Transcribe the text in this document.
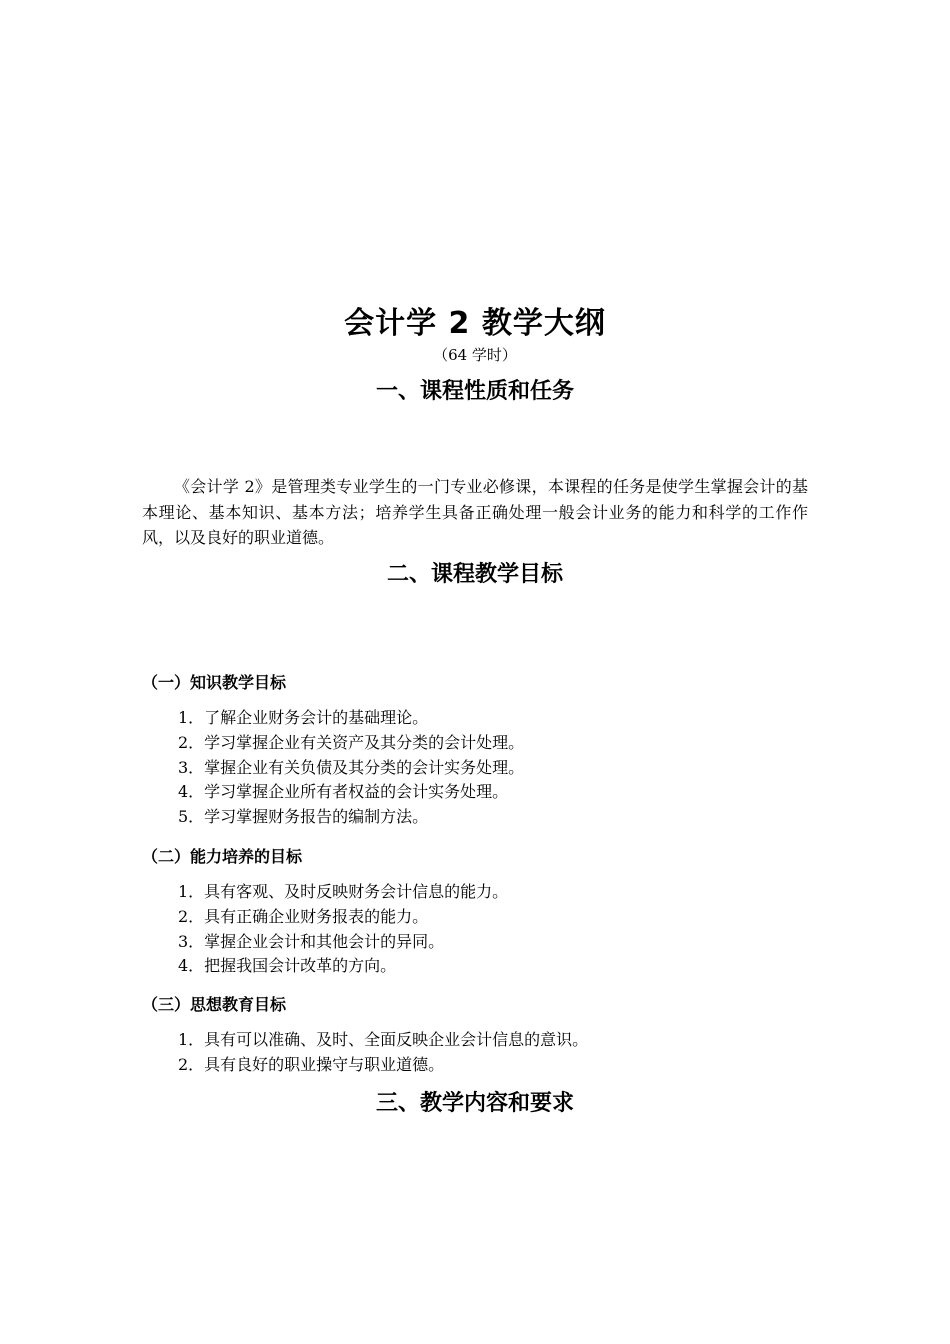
会计学 2 教学大纲
（64 学时）
一、课程性质和任务

《会计学 2》是管理类专业学生的一门专业必修课，本课程的任务是使学生掌握会计的基本理论、基本知识、基本方法；培养学生具备正确处理一般会计业务的能力和科学的工作作风，以及良好的职业道德。

二、课程教学目标
（一）知识教学目标
1．了解企业财务会计的基础理论。
2．学习掌握企业有关资产及其分类的会计处理。
3．掌握企业有关负债及其分类的会计实务处理。
4．学习掌握企业所有者权益的会计实务处理。
5．学习掌握财务报告的编制方法。
（二）能力培养的目标
1．具有客观、及时反映财务会计信息的能力。
2．具有正确企业财务报表的能力。
3．掌握企业会计和其他会计的异同。
4．把握我国会计改革的方向。
（三）思想教育目标
1．具有可以准确、及时、全面反映企业会计信息的意识。
2．具有良好的职业操守与职业道德。
三、教学内容和要求
